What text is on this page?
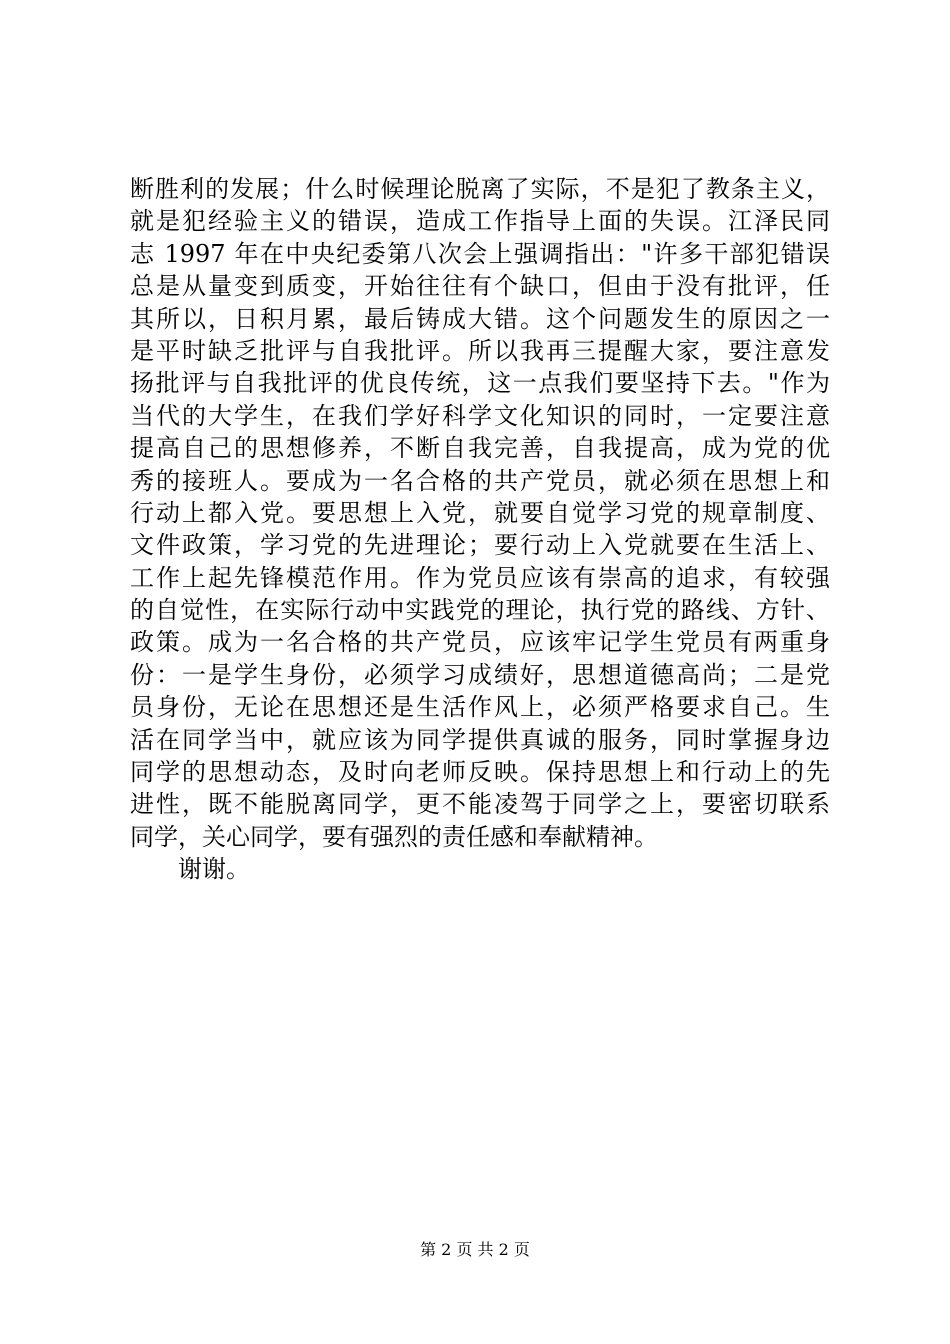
断胜利的发展；什么时候理论脱离了实际，不是犯了教条主义，
就是犯经验主义的错误，造成工作指导上面的失误。江泽民同
志 1997 年在中央纪委第八次会上强调指出："许多干部犯错误
总是从量变到质变，开始往往有个缺口，但由于没有批评，任
其所以，日积月累，最后铸成大错。这个问题发生的原因之一
是平时缺乏批评与自我批评。所以我再三提醒大家，要注意发
扬批评与自我批评的优良传统，这一点我们要坚持下去。"作为
当代的大学生，在我们学好科学文化知识的同时，一定要注意
提高自己的思想修养，不断自我完善，自我提高，成为党的优
秀的接班人。要成为一名合格的共产党员，就必须在思想上和
行动上都入党。要思想上入党，就要自觉学习党的规章制度、
文件政策，学习党的先进理论；要行动上入党就要在生活上、
工作上起先锋模范作用。作为党员应该有崇高的追求，有较强
的自觉性，在实际行动中实践党的理论，执行党的路线、方针、
政策。成为一名合格的共产党员，应该牢记学生党员有两重身
份：一是学生身份，必须学习成绩好，思想道德高尚；二是党
员身份，无论在思想还是生活作风上，必须严格要求自己。生
活在同学当中，就应该为同学提供真诚的服务，同时掌握身边
同学的思想动态，及时向老师反映。保持思想上和行动上的先
进性，既不能脱离同学，更不能凌驾于同学之上，要密切联系
同学，关心同学，要有强烈的责任感和奉献精神。
谢谢。
第 2 页 共 2 页
